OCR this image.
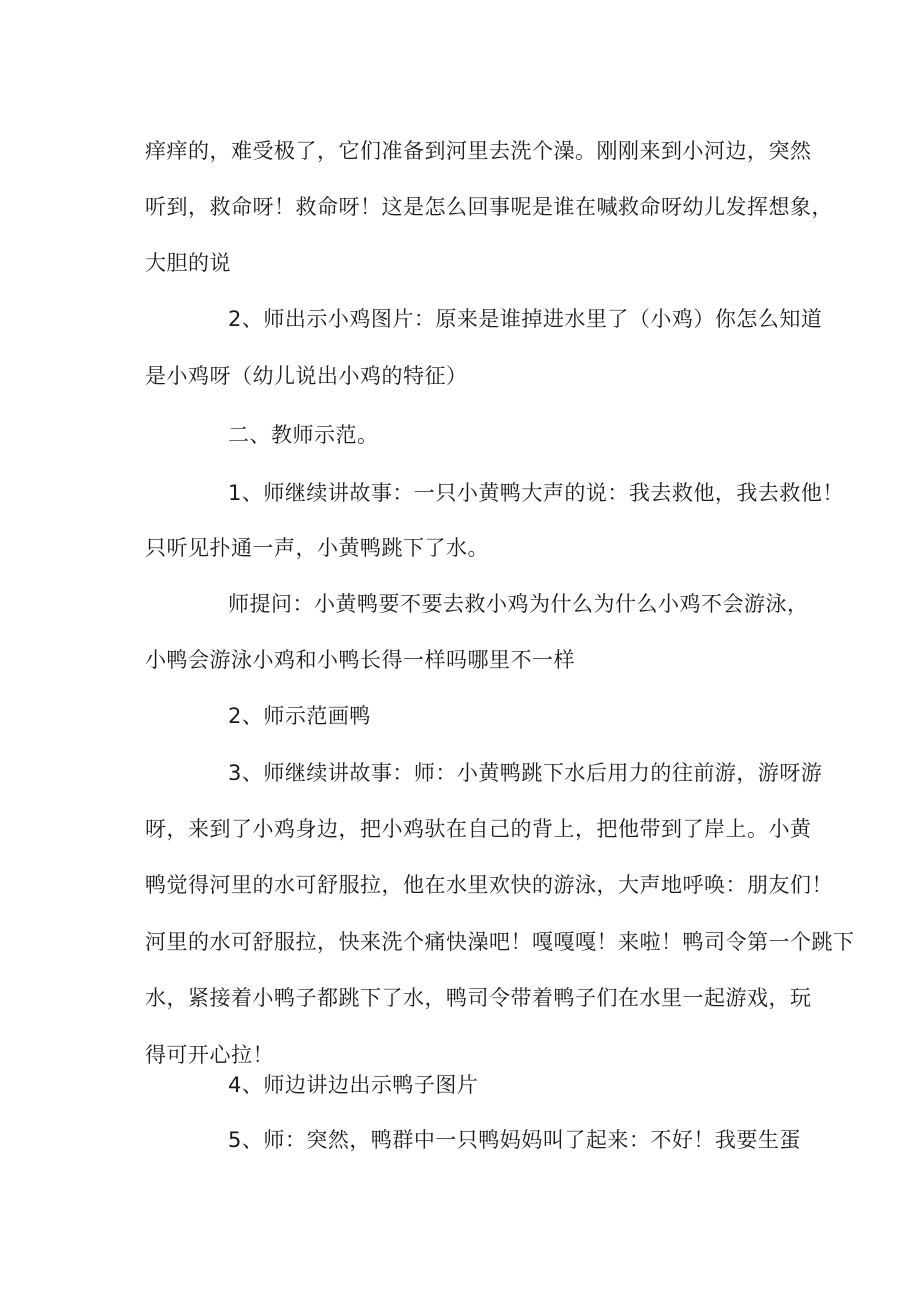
痒痒的，难受极了，它们准备到河里去洗个澡。刚刚来到小河边，突然
听到，救命呀！救命呀！这是怎么回事呢是谁在喊救命呀幼儿发挥想象，
大胆的说
2、师出示小鸡图片：原来是谁掉进水里了（小鸡）你怎么知道
是小鸡呀（幼儿说出小鸡的特征）
二、教师示范。
1、师继续讲故事：一只小黄鸭大声的说：我去救他，我去救他！
只听见扑通一声，小黄鸭跳下了水。
师提问：小黄鸭要不要去救小鸡为什么为什么小鸡不会游泳，
小鸭会游泳小鸡和小鸭长得一样吗哪里不一样
2、师示范画鸭
3、师继续讲故事：师：小黄鸭跳下水后用力的往前游，游呀游
呀，来到了小鸡身边，把小鸡驮在自己的背上，把他带到了岸上。小黄
鸭觉得河里的水可舒服拉，他在水里欢快的游泳，大声地呼唤：朋友们！
河里的水可舒服拉，快来洗个痛快澡吧！嘎嘎嘎！来啦！鸭司令第一个跳下
水，紧接着小鸭子都跳下了水，鸭司令带着鸭子们在水里一起游戏，玩
得可开心拉！
4、师边讲边出示鸭子图片
5、师：突然，鸭群中一只鸭妈妈叫了起来：不好！我要生蛋
